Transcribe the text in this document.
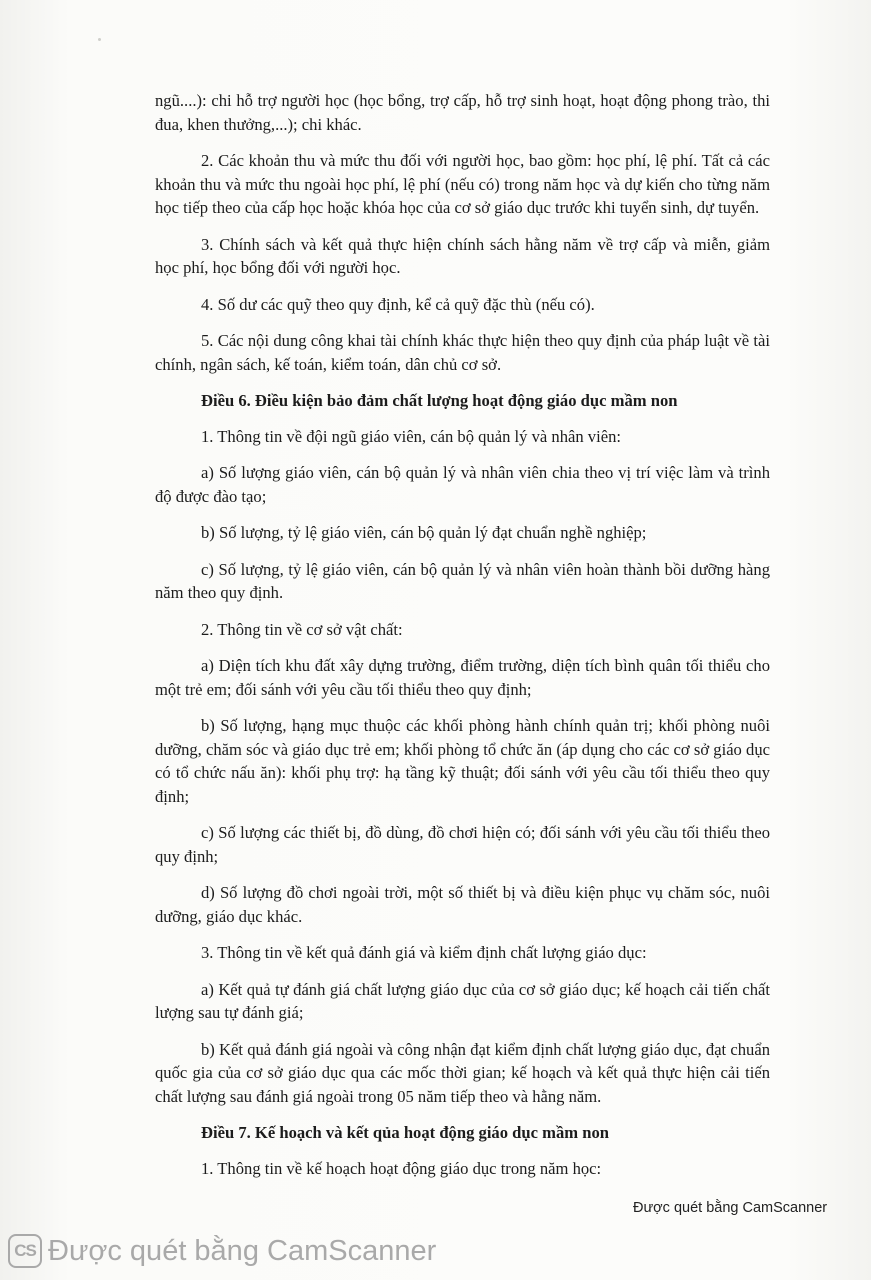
ngũ....): chi hỗ trợ người học (học bổng, trợ cấp, hỗ trợ sinh hoạt, hoạt động phong trào, thi đua, khen thưởng,...); chi khác.

2. Các khoản thu và mức thu đối với người học, bao gồm: học phí, lệ phí. Tất cả các khoản thu và mức thu ngoài học phí, lệ phí (nếu có) trong năm học và dự kiến cho từng năm học tiếp theo của cấp học hoặc khóa học của cơ sở giáo dục trước khi tuyển sinh, dự tuyển.

3. Chính sách và kết quả thực hiện chính sách hằng năm về trợ cấp và miễn, giảm học phí, học bổng đối với người học.

4. Số dư các quỹ theo quy định, kể cả quỹ đặc thù (nếu có).

5. Các nội dung công khai tài chính khác thực hiện theo quy định của pháp luật về tài chính, ngân sách, kế toán, kiểm toán, dân chủ cơ sở.

Điều 6. Điều kiện bảo đảm chất lượng hoạt động giáo dục mầm non

1. Thông tin về đội ngũ giáo viên, cán bộ quản lý và nhân viên:

a) Số lượng giáo viên, cán bộ quản lý và nhân viên chia theo vị trí việc làm và trình độ được đào tạo;

b) Số lượng, tỷ lệ giáo viên, cán bộ quản lý đạt chuẩn nghề nghiệp;

c) Số lượng, tỷ lệ giáo viên, cán bộ quản lý và nhân viên hoàn thành bồi dưỡng hàng năm theo quy định.

2. Thông tin về cơ sở vật chất:

a) Diện tích khu đất xây dựng trường, điểm trường, diện tích bình quân tối thiểu cho một trẻ em; đối sánh với yêu cầu tối thiểu theo quy định;

b) Số lượng, hạng mục thuộc các khối phòng hành chính quản trị; khối phòng nuôi dưỡng, chăm sóc và giáo dục trẻ em; khối phòng tổ chức ăn (áp dụng cho các cơ sở giáo dục có tổ chức nấu ăn): khối phụ trợ: hạ tầng kỹ thuật; đối sánh với yêu cầu tối thiểu theo quy định;

c) Số lượng các thiết bị, đồ dùng, đồ chơi hiện có; đối sánh với yêu cầu tối thiểu theo quy định;

d) Số lượng đồ chơi ngoài trời, một số thiết bị và điều kiện phục vụ chăm sóc, nuôi dưỡng, giáo dục khác.

3. Thông tin về kết quả đánh giá và kiểm định chất lượng giáo dục:

a) Kết quả tự đánh giá chất lượng giáo dục của cơ sở giáo dục; kế hoạch cải tiến chất lượng sau tự đánh giá;

b) Kết quả đánh giá ngoài và công nhận đạt kiểm định chất lượng giáo dục, đạt chuẩn quốc gia của cơ sở giáo dục qua các mốc thời gian; kế hoạch và kết quả thực hiện cải tiến chất lượng sau đánh giá ngoài trong 05 năm tiếp theo và hằng năm.

Điều 7. Kế hoạch và kết qủa hoạt động giáo dục mầm non

1. Thông tin về kế hoạch hoạt động giáo dục trong năm học:

Được quét bằng CamScanner
CS Được quét bằng CamScanner
